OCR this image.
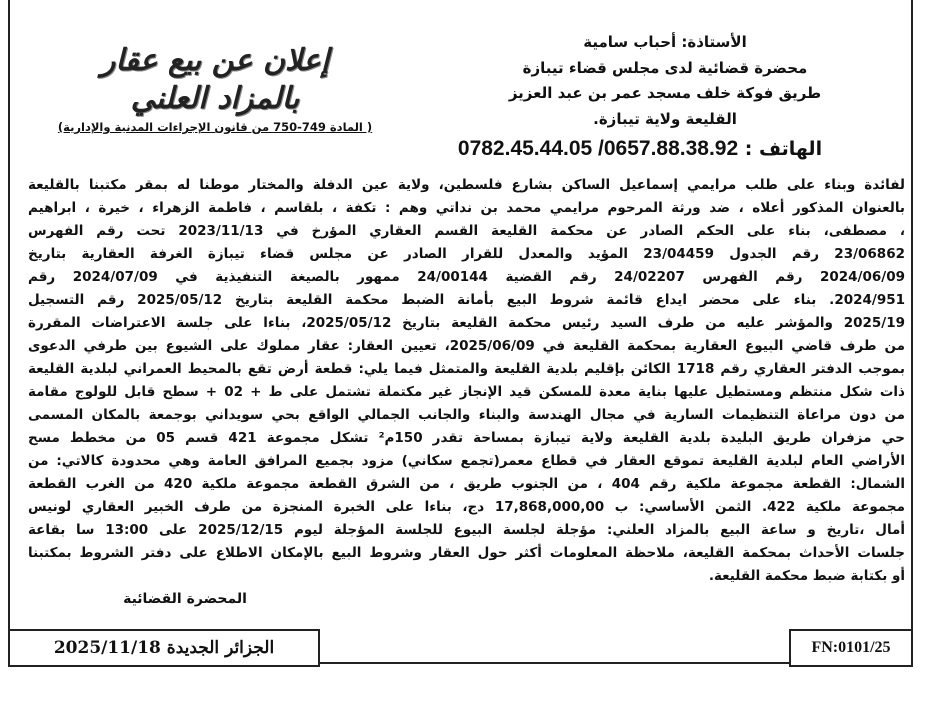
الأستاذة: أحباب سامية
محضرة قضائية لدى مجلس قضاء تيبازة
طريق فوكة خلف مسجد عمر بن عبد العزيز
القليعة ولاية تيبازة.
الهاتف : 0782.45.44.05 /0657.88.38.92
إعلان عن بيع عقار
بالمزاد العلني
( المادة 749-750 من قانون الإجراءات المدنية والإدارية)
لفائدة وبناء على طلب مرايمي إسماعيل الساكن بشارع فلسطين، ولاية عين الدفلة والمختار موطنا له بمقر مكتبنا بالقليعة
بالعنوان المذكور أعلاه ، ضد ورثة المرحوم مرايمي محمد بن نداتي وهم : تكفة ، بلقاسم ، فاطمة الزهراء ، خيرة ، ابراهيم
، مصطفى، بناء على الحكم الصادر عن محكمة القليعة القسم العقاري المؤرخ في 2023/11/13 تحت رقم الفهرس
23/06862 رقم الجدول 23/04459 المؤيد والمعدل للقرار الصادر عن مجلس قضاء تيبازة الغرفة العقارية بتاريخ
2024/06/09 رقم الفهرس 24/02207 رقم القضية 24/00144 ممهور بالصيغة التنفيذية في 2024/07/09 رقم
2024/951. بناء على محضر ايداع قائمة شروط البيع بأمانة الضبط محكمة القليعة بتاريخ 2025/05/12 رقم التسجيل
2025/19 والمؤشر عليه من طرف السيد رئيس محكمة القليعة بتاريخ 2025/05/12، بناءا على جلسة الاعتراضات المقررة
من طرف قاضي البيوع العقارية بمحكمة القليعة في 2025/06/09، تعيين العقار: عقار مملوك على الشيوع بين طرفي الدعوى
بموجب الدفتر العقاري رقم 1718 الكائن بإقليم بلدية القليعة والمتمثل فيما يلي: قطعة أرض تقع بالمحيط العمراني لبلدية القليعة
ذات شكل منتظم ومستطيل عليها بناية معدة للمسكن قيد الإنجاز غير مكتملة تشتمل على ط + 02 + سطح قابل للولوج مقامة
من دون مراعاة التنظيمات السارية في مجال الهندسة والبناء والجانب الجمالي الواقع بحي سويداني بوجمعة بالمكان المسمى
حي مزفران طريق البليدة بلدية القليعة ولاية تيبازة بمساحة تقدر 150م² تشكل مجموعة 421 قسم 05 من مخطط مسح
الأراضي العام لبلدية القليعة تموقع العقار في قطاع معمر(تجمع سكاني) مزود بجميع المرافق العامة وهي محدودة كالاتي: من
الشمال: القطعة مجموعة ملكية رقم 404 ، من الجنوب طريق ، من الشرق القطعة مجموعة ملكية 420 من الغرب القطعة
مجموعة ملكية 422. الثمن الأساسي: ب 17,868,000,00 دج، بناءا على الخبرة المنجزة من طرف الخبير العقاري لونيس
أمال ،تاريخ و ساعة البيع بالمزاد العلني: مؤجلة لجلسة البيوع للجلسة المؤجلة ليوم 2025/12/15 على 13:00 سا بقاعة
جلسات الأحداث بمحكمة القليعة، ملاحظة المعلومات أكثر حول العقار وشروط البيع بالإمكان الاطلاع على دفتر الشروط بمكتبنا
أو بكتابة ضبط محكمة القليعة.
المحضرة القضائية
الجزائر الجديدة 2025/11/18	FN:0101/25
